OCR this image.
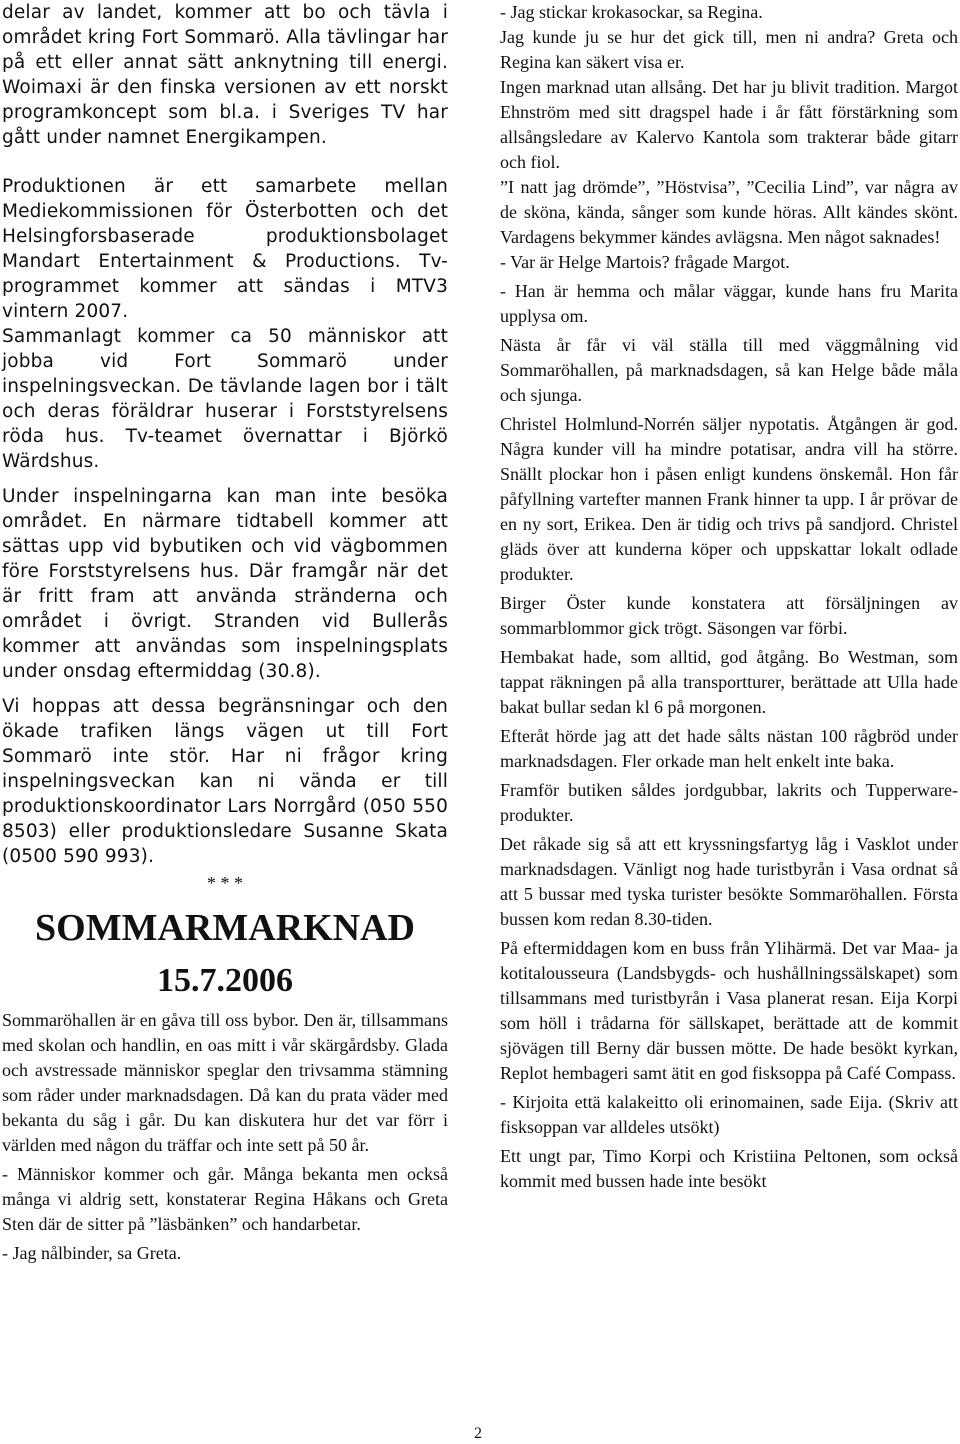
delar av landet, kommer att bo och tävla i området kring Fort Sommarö. Alla tävlingar har på ett eller annat sätt anknytning till energi. Woimaxi är den finska versionen av ett norskt programkoncept som bl.a. i Sveriges TV har gått under namnet Energikampen.

Produktionen är ett samarbete mellan Mediekommissionen för Österbotten och det Helsingforsbaserade produktionsbolaget Mandart Entertainment & Productions. Tv-programmet kommer att sändas i MTV3 vintern 2007.

Sammanlagt kommer ca 50 människor att jobba vid Fort Sommarö under inspelningsveckan. De tävlande lagen bor i tält och deras föräldrar huserar i Forststyrelsens röda hus. Tv-teamet övernattar i Björkö Wärdshus.

Under inspelningarna kan man inte besöka området. En närmare tidtabell kommer att sättas upp vid bybutiken och vid vägbommen före Forststyrelsens hus. Där framgår när det är fritt fram att använda stränderna och området i övrigt. Stranden vid Bullerås kommer att användas som inspelningsplats under onsdag eftermiddag (30.8).

Vi hoppas att dessa begränsningar och den ökade trafiken längs vägen ut till Fort Sommarö inte stör. Har ni frågor kring inspelningsveckan kan ni vända er till produktionskoordinator Lars Norrgård (050 550 8503) eller produktionsledare Susanne Skata (0500 590 993).

* * *
SOMMARMARKNAD
15.7.2006

Sommaröhallen är en gåva till oss bybor. Den är, tillsammans med skolan och handlin, en oas mitt i vår skärgårdsby. Glada och avstressade människor speglar den trivsamma stämning som råder under marknadsdagen. Då kan du prata väder med bekanta du såg i går. Du kan diskutera hur det var förr i världen med någon du träffar och inte sett på 50 år.

- Människor kommer och går. Många bekanta men också många vi aldrig sett, konstaterar Regina Håkans och Greta Sten där de sitter på ”läsbänken” och handarbetar.

- Jag nålbinder, sa Greta.

- Jag stickar krokasockar, sa Regina.

Jag kunde ju se hur det gick till, men ni andra? Greta och Regina kan säkert visa er.

Ingen marknad utan allsång. Det har ju blivit tradition. Margot Ehnström med sitt dragspel hade i år fått förstärkning som allsångsledare av Kalervo Kantola som trakterar både gitarr och fiol.

”I natt jag drömde”, ”Höstvisa”, ”Cecilia Lind”, var några av de sköna, kända, sånger som kunde höras. Allt kändes skönt. Vardagens bekymmer kändes avlägsna. Men något saknades!

- Var är Helge Martois? frågade Margot.

- Han är hemma och målar väggar, kunde hans fru Marita upplysa om.

Nästa år får vi väl ställa till med väggmålning vid Sommaröhallen, på marknadsdagen, så kan Helge både måla och sjunga.

Christel Holmlund-Norrén säljer nypotatis. Åtgången är god. Några kunder vill ha mindre potatisar, andra vill ha större. Snällt plockar hon i påsen enligt kundens önskemål. Hon får påfyllning vartefter mannen Frank hinner ta upp. I år prövar de en ny sort, Erikea. Den är tidig och trivs på sandjord. Christel gläds över att kunderna köper och uppskattar lokalt odlade produkter.

Birger Öster kunde konstatera att försäljningen av sommarblommor gick trögt. Säsongen var förbi.

Hembakat hade, som alltid, god åtgång. Bo Westman, som tappat räkningen på alla transportturer, berättade att Ulla hade bakat bullar sedan kl 6 på morgonen.

Efteråt hörde jag att det hade sålts nästan 100 rågbröd under marknadsdagen. Fler orkade man helt enkelt inte baka.

Framför butiken såldes jordgubbar, lakrits och Tupperware-produkter.

Det råkade sig så att ett kryssningsfartyg låg i Vasklot under marknadsdagen. Vänligt nog hade turistbyrån i Vasa ordnat så att 5 bussar med tyska turister besökte Sommaröhallen. Första bussen kom redan 8.30-tiden.

På eftermiddagen kom en buss från Ylihärmä. Det var Maa- ja kotitalousseura (Landsbygds- och hushållningssälskapet) som tillsammans med turistbyrån i Vasa planerat resan. Eija Korpi som höll i trådarna för sällskapet, berättade att de kommit sjövägen till Berny där bussen mötte. De hade besökt kyrkan, Replot hembageri samt ätit en god fisksoppa på Café Compass.

- Kirjoita että kalakeitto oli erinomainen, sade Eija. (Skriv att fisksoppan var alldeles utsökt)

Ett ungt par, Timo Korpi och Kristiina Peltonen, som också kommit med bussen hade inte besökt

2
